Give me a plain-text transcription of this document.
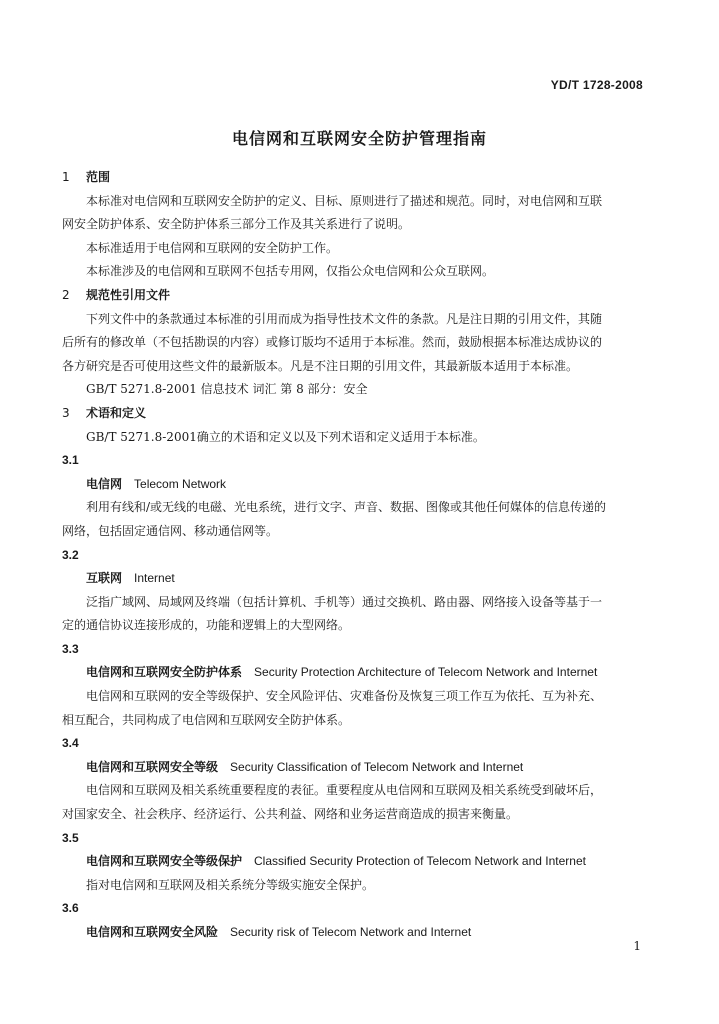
YD/T 1728-2008
电信网和互联网安全防护管理指南
1 范围
本标准对电信网和互联网安全防护的定义、目标、原则进行了描述和规范。同时，对电信网和互联
网安全防护体系、安全防护体系三部分工作及其关系进行了说明。
本标准适用于电信网和互联网的安全防护工作。
本标准涉及的电信网和互联网不包括专用网，仅指公众电信网和公众互联网。
2 规范性引用文件
下列文件中的条款通过本标准的引用而成为指导性技术文件的条款。凡是注日期的引用文件，其随
后所有的修改单（不包括勘误的内容）或修订版均不适用于本标准。然而，鼓励根据本标准达成协议的
各方研究是否可使用这些文件的最新版本。凡是不注日期的引用文件，其最新版本适用于本标准。
GB/T 5271.8-2001 信息技术 词汇 第 8 部分：安全
3 术语和定义
GB/T 5271.8-2001确立的术语和定义以及下列术语和定义适用于本标准。
3.1
电信网 Telecom Network
利用有线和/或无线的电磁、光电系统，进行文字、声音、数据、图像或其他任何媒体的信息传递的
网络，包括固定通信网、移动通信网等。
3.2
互联网 Internet
泛指广域网、局域网及终端（包括计算机、手机等）通过交换机、路由器、网络接入设备等基于一
定的通信协议连接形成的，功能和逻辑上的大型网络。
3.3
电信网和互联网安全防护体系 Security Protection Architecture of Telecom Network and Internet
电信网和互联网的安全等级保护、安全风险评估、灾难备份及恢复三项工作互为依托、互为补充、
相互配合，共同构成了电信网和互联网安全防护体系。
3.4
电信网和互联网安全等级 Security Classification of Telecom Network and Internet
电信网和互联网及相关系统重要程度的表征。重要程度从电信网和互联网及相关系统受到破坏后，
对国家安全、社会秩序、经济运行、公共利益、网络和业务运营商造成的损害来衡量。
3.5
电信网和互联网安全等级保护 Classified Security Protection of Telecom Network and Internet
指对电信网和互联网及相关系统分等级实施安全保护。
3.6
电信网和互联网安全风险 Security risk of Telecom Network and Internet
1
